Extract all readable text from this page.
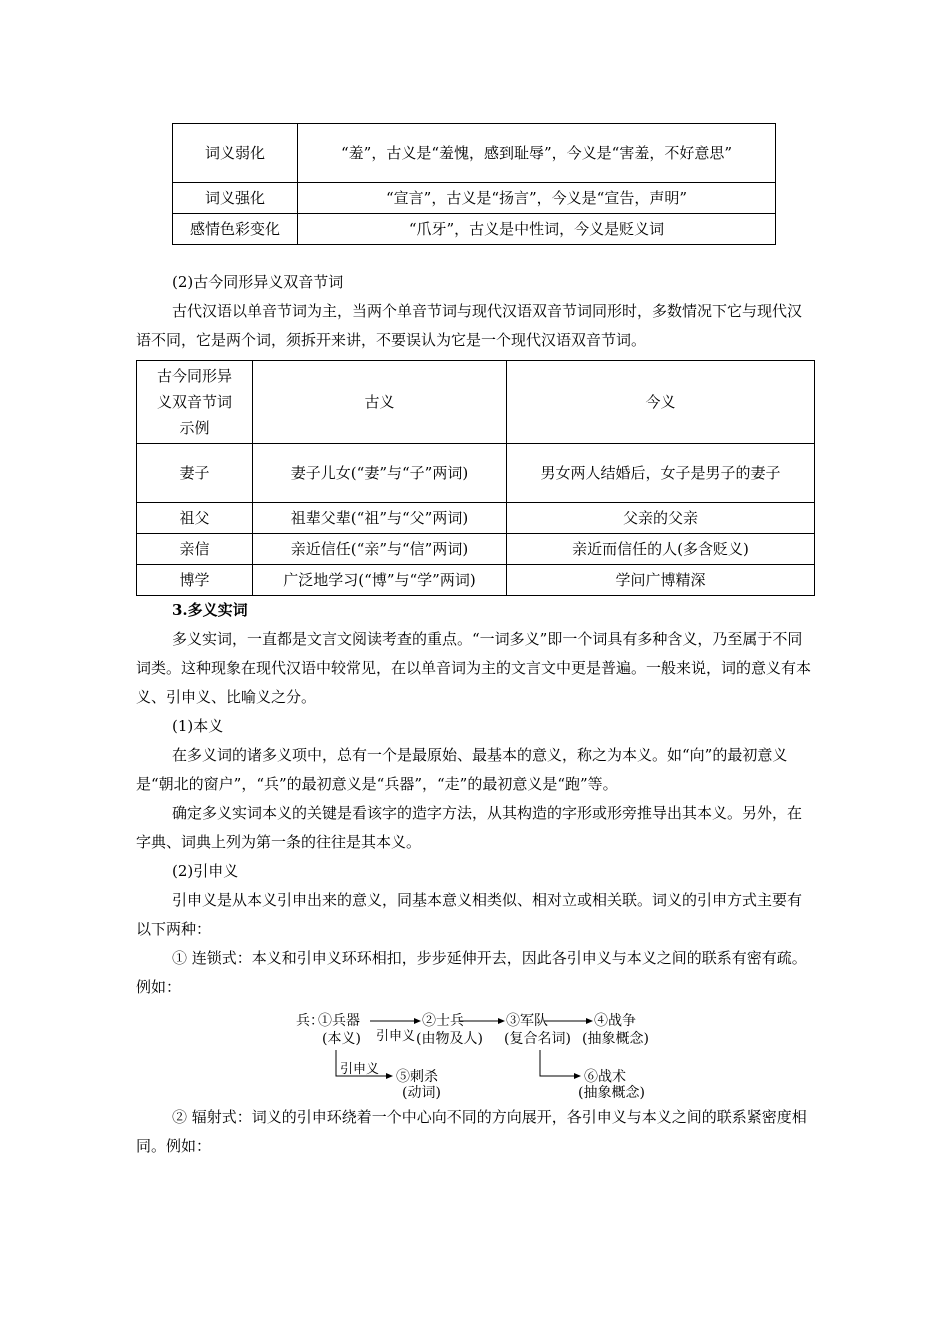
词义弱化	“羞”，古义是“羞愧，感到耻辱”，今义是“害羞，不好意思”
词义强化	“宣言”，古义是“扬言”，今义是“宣告，声明”
感情色彩变化	“爪牙”，古义是中性词，今义是贬义词

(2)古今同形异义双音节词

古代汉语以单音节词为主，当两个单音节词与现代汉语双音节词同形时，多数情况下它与现代汉语不同，它是两个词，须拆开来讲，不要误认为它是一个现代汉语双音节词。

古今同形异义双音节词示例	古义	今义
妻子	妻子儿女(“妻”与“子”两词)	男女两人结婚后，女子是男子的妻子
祖父	祖辈父辈(“祖”与“父”两词)	父亲的父亲
亲信	亲近信任(“亲”与“信”两词)	亲近而信任的人(多含贬义)
博学	广泛地学习(“博”与“学”两词)	学问广博精深

3.多义实词

多义实词，一直都是文言文阅读考查的重点。“一词多义”即一个词具有多种含义，乃至属于不同词类。这种现象在现代汉语中较常见，在以单音词为主的文言文中更是普遍。一般来说，词的意义有本义、引申义、比喻义之分。

(1)本义

在多义词的诸多义项中，总有一个是最原始、最基本的意义，称之为本义。如“向”的最初意义是“朝北的窗户”，“兵”的最初意义是“兵器”，“走”的最初意义是“跑”等。

确定多义实词本义的关键是看该字的造字方法，从其构造的字形或形旁推导出其本义。另外，在字典、词典上列为第一条的往往是其本义。

(2)引申义

引申义是从本义引申出来的意义，同基本意义相类似、相对立或相关联。词义的引申方式主要有以下两种：

① 连锁式：本义和引申义环环相扣，步步延伸开去，因此各引申义与本义之间的联系有密有疏。例如：

兵：
①兵器
(本义) 引申义
②士兵
(由物及人)
③军队
(复合名词)
④战争
(抽象概念)
引申义 ⑤刺杀
(动词)
⑥战术
(抽象概念)

② 辐射式：词义的引申环绕着一个中心向不同的方向展开，各引申义与本义之间的联系紧密度相同。例如：
